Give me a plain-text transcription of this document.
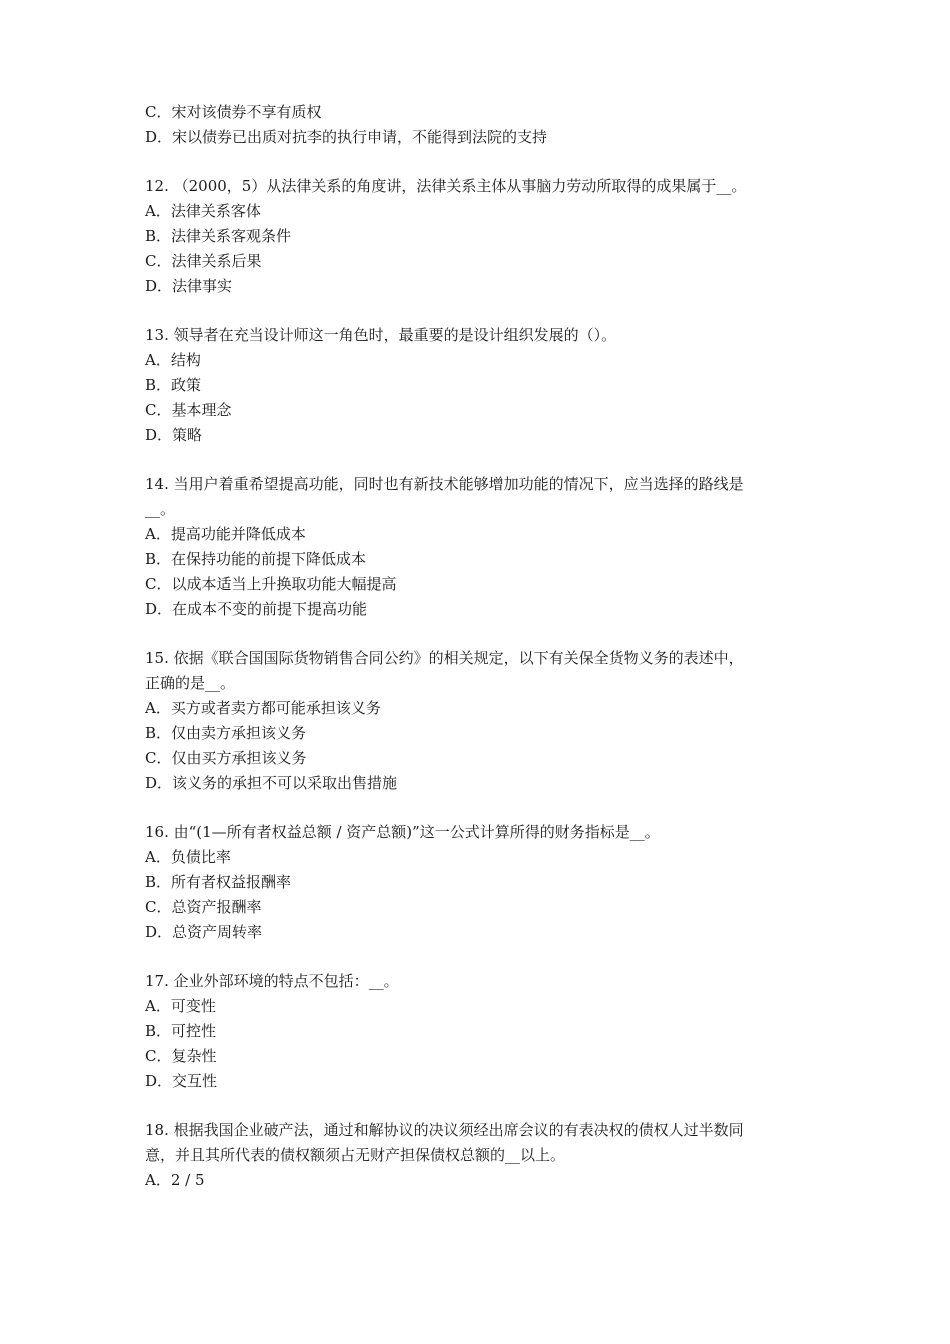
C．宋对该债券不享有质权
D．宋以债券已出质对抗李的执行申请，不能得到法院的支持
12. （2000，5）从法律关系的角度讲，法律关系主体从事脑力劳动所取得的成果属于__。
A．法律关系客体
B．法律关系客观条件
C．法律关系后果
D．法律事实
13. 领导者在充当设计师这一角色时，最重要的是设计组织发展的（）。
A．结构
B．政策
C．基本理念
D．策略
14. 当用户着重希望提高功能，同时也有新技术能够增加功能的情况下，应当选择的路线是
__。
A．提高功能并降低成本
B．在保持功能的前提下降低成本
C．以成本适当上升换取功能大幅提高
D．在成本不变的前提下提高功能
15. 依据《联合国国际货物销售合同公约》的相关规定，以下有关保全货物义务的表述中，
正确的是__。
A．买方或者卖方都可能承担该义务
B．仅由卖方承担该义务
C．仅由买方承担该义务
D．该义务的承担不可以采取出售措施
16. 由“(1—所有者权益总额 / 资产总额)”这一公式计算所得的财务指标是__。
A．负债比率
B．所有者权益报酬率
C．总资产报酬率
D．总资产周转率
17. 企业外部环境的特点不包括：__。
A．可变性
B．可控性
C．复杂性
D．交互性
18. 根据我国企业破产法，通过和解协议的决议须经出席会议的有表决权的债权人过半数同
意，并且其所代表的债权额须占无财产担保债权总额的__以上。
A．2 / 5
